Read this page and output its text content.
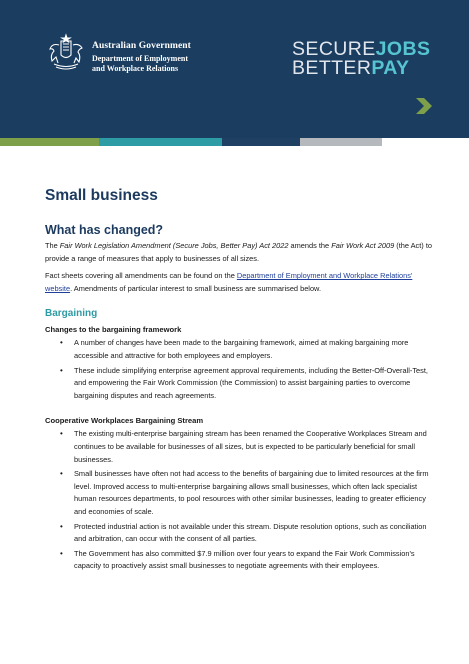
Australian Government
Department of Employment
and Workplace Relations
SECUREJOBS
BETTERPAY
Small business
What has changed?

The Fair Work Legislation Amendment (Secure Jobs, Better Pay) Act 2022 amends the Fair Work Act 2009 (the Act) to provide a range of measures that apply to businesses of all sizes.

Fact sheets covering all amendments can be found on the Department of Employment and Workplace Relations' website. Amendments of particular interest to small business are summarised below.

Bargaining
Changes to the bargaining framework
• A number of changes have been made to the bargaining framework, aimed at making bargaining more accessible and attractive for both employees and employers.
• These include simplifying enterprise agreement approval requirements, including the Better-Off-Overall-Test, and empowering the Fair Work Commission (the Commission) to assist bargaining parties to overcome bargaining disputes and reach agreements.
Cooperative Workplaces Bargaining Stream
• The existing multi-enterprise bargaining stream has been renamed the Cooperative Workplaces Stream and continues to be available for businesses of all sizes, but is expected to be particularly beneficial for small businesses.
• Small businesses have often not had access to the benefits of bargaining due to limited resources at the firm level. Improved access to multi-enterprise bargaining allows small businesses, which often lack specialist human resources departments, to pool resources with other similar businesses, leading to greater efficiency and economies of scale.
• Protected industrial action is not available under this stream. Dispute resolution options, such as conciliation and arbitration, can occur with the consent of all parties.
• The Government has also committed $7.9 million over four years to expand the Fair Work Commission's capacity to proactively assist small businesses to negotiate agreements with their employees.
